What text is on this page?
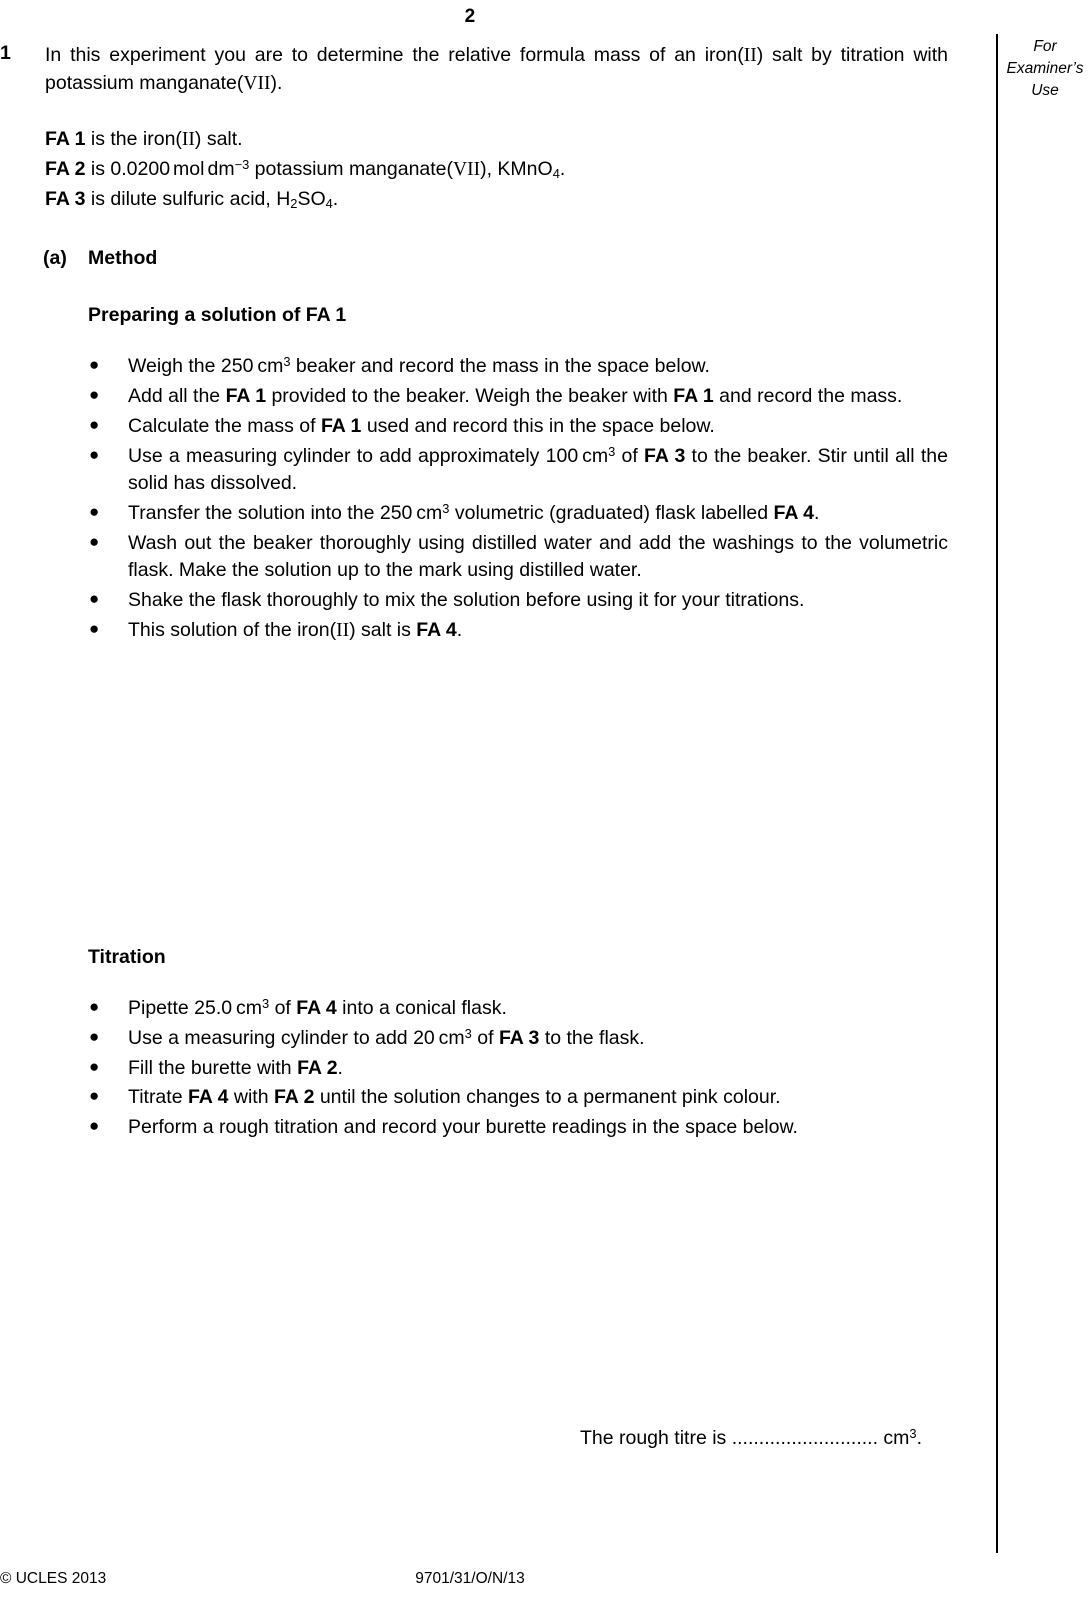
2
For
Examiner’s
Use
1 In this experiment you are to determine the relative formula mass of an iron(II) salt by titration with potassium manganate(VII).
FA 1 is the iron(II) salt.
FA 2 is 0.0200 mol $dm^{-3}$ potassium manganate(VII), KMnO$_4$.
FA 3 is dilute sulfuric acid, $H_2SO_4$.
(a) Method
Preparing a solution of FA 1
● Weigh the 250 $cm^3$ beaker and record the mass in the space below.
● Add all the FA 1 provided to the beaker. Weigh the beaker with FA 1 and record the mass.
● Calculate the mass of FA 1 used and record this in the space below.
● Use a measuring cylinder to add approximately 100 $cm^3$ of FA 3 to the beaker. Stir until all the solid has dissolved.
● Transfer the solution into the 250 $cm^3$ volumetric (graduated) flask labelled FA 4.
● Wash out the beaker thoroughly using distilled water and add the washings to the volumetric flask. Make the solution up to the mark using distilled water.
● Shake the flask thoroughly to mix the solution before using it for your titrations.
● This solution of the iron(II) salt is FA 4.
Titration
● Pipette 25.0 $cm^3$ of FA 4 into a conical flask.
● Use a measuring cylinder to add 20 $cm^3$ of FA 3 to the flask.
● Fill the burette with FA 2.
● Titrate FA 4 with FA 2 until the solution changes to a permanent pink colour.
● Perform a rough titration and record your burette readings in the space below.
The rough titre is ........................... $cm^3$.
© UCLES 2013	9701/31/O/N/13
